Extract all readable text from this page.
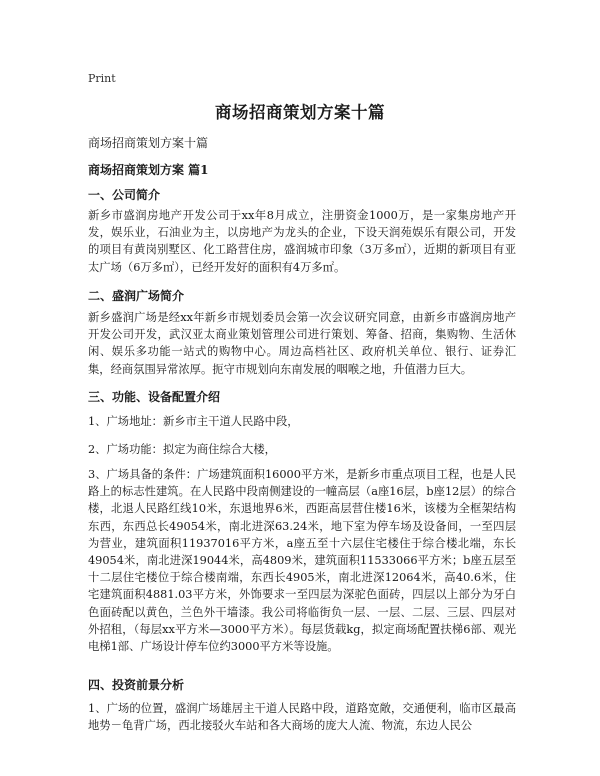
Print
商场招商策划方案十篇
商场招商策划方案十篇
商场招商策划方案 篇1
一、公司简介
新乡市盛润房地产开发公司于xx年8月成立，注册资金1000万，是一家集房地产开发，娱乐业，石油业为主，以房地产为龙头的企业，下设天润苑娱乐有限公司，开发的项目有黄岗别墅区、化工路营住房，盛润城市印象（3万多㎡），近期的新项目有亚太广场（6万多㎡），已经开发好的面积有4万多㎡。
二、盛润广场简介
新乡盛润广场是经xx年新乡市规划委员会第一次会议研究同意，由新乡市盛润房地产开发公司开发，武汉亚太商业策划管理公司进行策划、筹备、招商，集购物、生活休闲、娱乐多功能一站式的购物中心。周边高档社区、政府机关单位、银行、证券汇集，经商氛围异常浓厚。扼守市规划向东南发展的咽喉之地，升值潜力巨大。
三、功能、设备配置介绍
1、广场地址：新乡市主干道人民路中段，
2、广场功能：拟定为商住综合大楼，
3、广场具备的条件：广场建筑面积16000平方米，是新乡市重点项目工程，也是人民路上的标志性建筑。在人民路中段南侧建设的一幢高层（a座16层，b座12层）的综合楼，北退人民路红线10米，东退地界6米，西距高层营住楼16米，该楼为全框架结构东西，东西总长49054米，南北进深63.24米，地下室为停车场及设备间，一至四层为营业，建筑面积11937016平方米，a座五至十六层住宅楼住于综合楼北端，东长49054米，南北进深19044米，高4809米，建筑面积11533066平方米；b座五层至十二层住宅楼位于综合楼南端，东西长4905米，南北进深12064米，高40.6米，住宅建筑面积4881.03平方米，外饰要求一至四层为深驼色面砖，四层以上部分为牙白色面砖配以黄色，兰色外干墙漆。我公司将临街负一层、一层、二层、三层、四层对外招租，（每层xx平方米—3000平方米）。每层货载kg，拟定商场配置扶梯6部、观光电梯1部、广场设计停车位约3000平方米等设施。
四、投资前景分析
1、广场的位置，盛润广场雄居主干道人民路中段，道路宽敞，交通便利，临市区最高地势－龟背广场，西北接驳火车站和各大商场的庞大人流、物流，东边人民公
